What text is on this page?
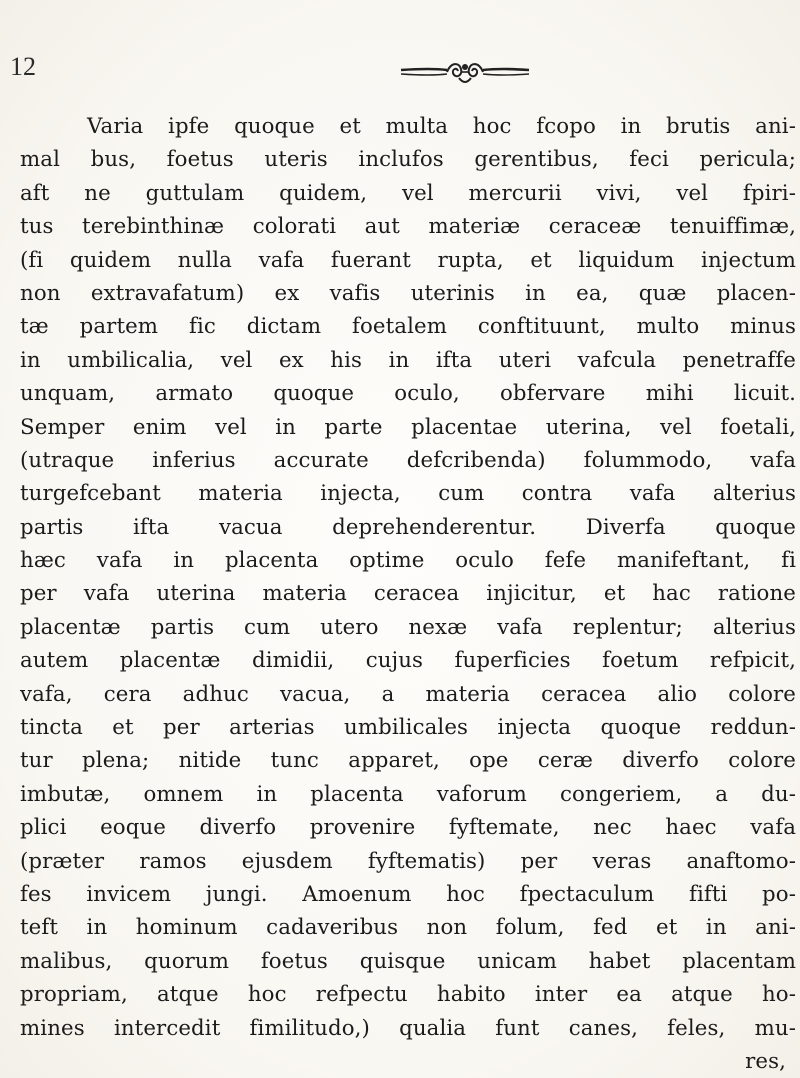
12
Varia ipfe quoque et multa hoc fcopo in brutis ani-
mal bus, foetus uteris inclufos gerentibus, feci pericula;
aft ne guttulam quidem, vel mercurii vivi, vel fpiri-
tus terebinthinæ colorati aut materiæ ceraceæ tenuiffimæ,
(fi quidem nulla vafa fuerant rupta, et liquidum injectum
non extravafatum) ex vafis uterinis in ea, quæ placen-
tæ partem fic dictam foetalem conftituunt, multo minus
in umbilicalia, vel ex his in ifta uteri vafcula penetraffe
unquam, armato quoque oculo, obfervare mihi licuit.
Semper enim vel in parte placentae uterina, vel foetali,
(utraque inferius accurate defcribenda) folummodo, vafa
turgefcebant materia injecta, cum contra vafa alterius
partis ifta vacua deprehenderentur. Diverfa quoque
hæc vafa in placenta optime oculo fefe manifeftant, fi
per vafa uterina materia ceracea injicitur, et hac ratione
placentæ partis cum utero nexæ vafa replentur; alterius
autem placentæ dimidii, cujus fuperficies foetum refpicit,
vafa, cera adhuc vacua, a materia ceracea alio colore
tincta et per arterias umbilicales injecta quoque reddun-
tur plena; nitide tunc apparet, ope ceræ diverfo colore
imbutæ, omnem in placenta vaforum congeriem, a du-
plici eoque diverfo provenire fyftemate, nec haec vafa
(præter ramos ejusdem fyftematis) per veras anaftomo-
fes invicem jungi. Amoenum hoc fpectaculum fifti po-
teft in hominum cadaveribus non folum, fed et in ani-
malibus, quorum foetus quisque unicam habet placentam
propriam, atque hoc refpectu habito inter ea atque ho-
mines intercedit fimilitudo,) qualia funt canes, feles, mu-
res,
